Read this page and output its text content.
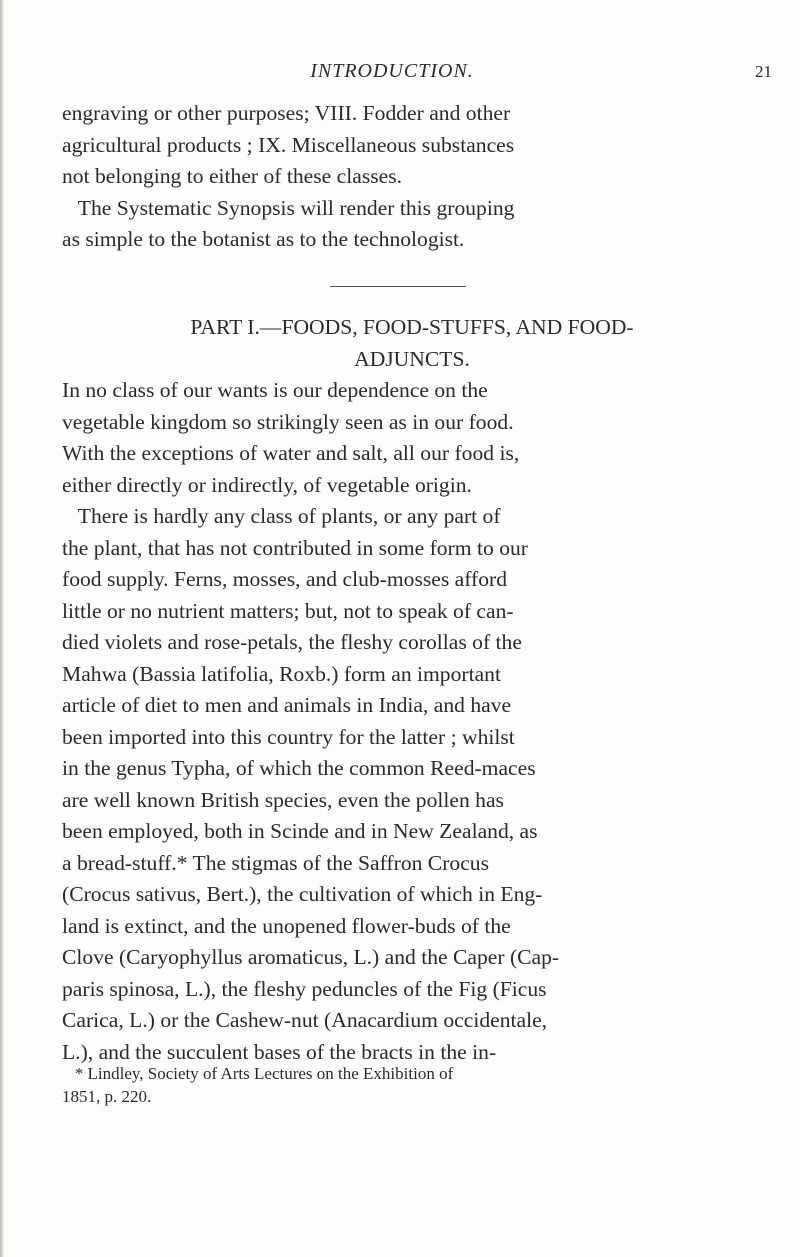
INTRODUCTION.	21
engraving or other purposes; VIII. Fodder and other
agricultural products ; IX. Miscellaneous substances
not belonging to either of these classes.
The Systematic Synopsis will render this grouping
as simple to the botanist as to the technologist.
PART I.—FOODS, FOOD-STUFFS, AND FOOD-
ADJUNCTS.
In no class of our wants is our dependence on the
vegetable kingdom so strikingly seen as in our food.
With the exceptions of water and salt, all our food is,
either directly or indirectly, of vegetable origin.
There is hardly any class of plants, or any part of
the plant, that has not contributed in some form to our
food supply. Ferns, mosses, and club-mosses afford
little or no nutrient matters; but, not to speak of can-
died violets and rose-petals, the fleshy corollas of the
Mahwa (Bassia latifolia, Roxb.) form an important
article of diet to men and animals in India, and have
been imported into this country for the latter ; whilst
in the genus Typha, of which the common Reed-maces
are well known British species, even the pollen has
been employed, both in Scinde and in New Zealand, as
a bread-stuff.* The stigmas of the Saffron Crocus
(Crocus sativus, Bert.), the cultivation of which in Eng-
land is extinct, and the unopened flower-buds of the
Clove (Caryophyllus aromaticus, L.) and the Caper (Cap-
paris spinosa, L.), the fleshy peduncles of the Fig (Ficus
Carica, L.) or the Cashew-nut (Anacardium occidentale,
L.), and the succulent bases of the bracts in the in-
* Lindley, Society of Arts Lectures on the Exhibition of
1851, p. 220.
